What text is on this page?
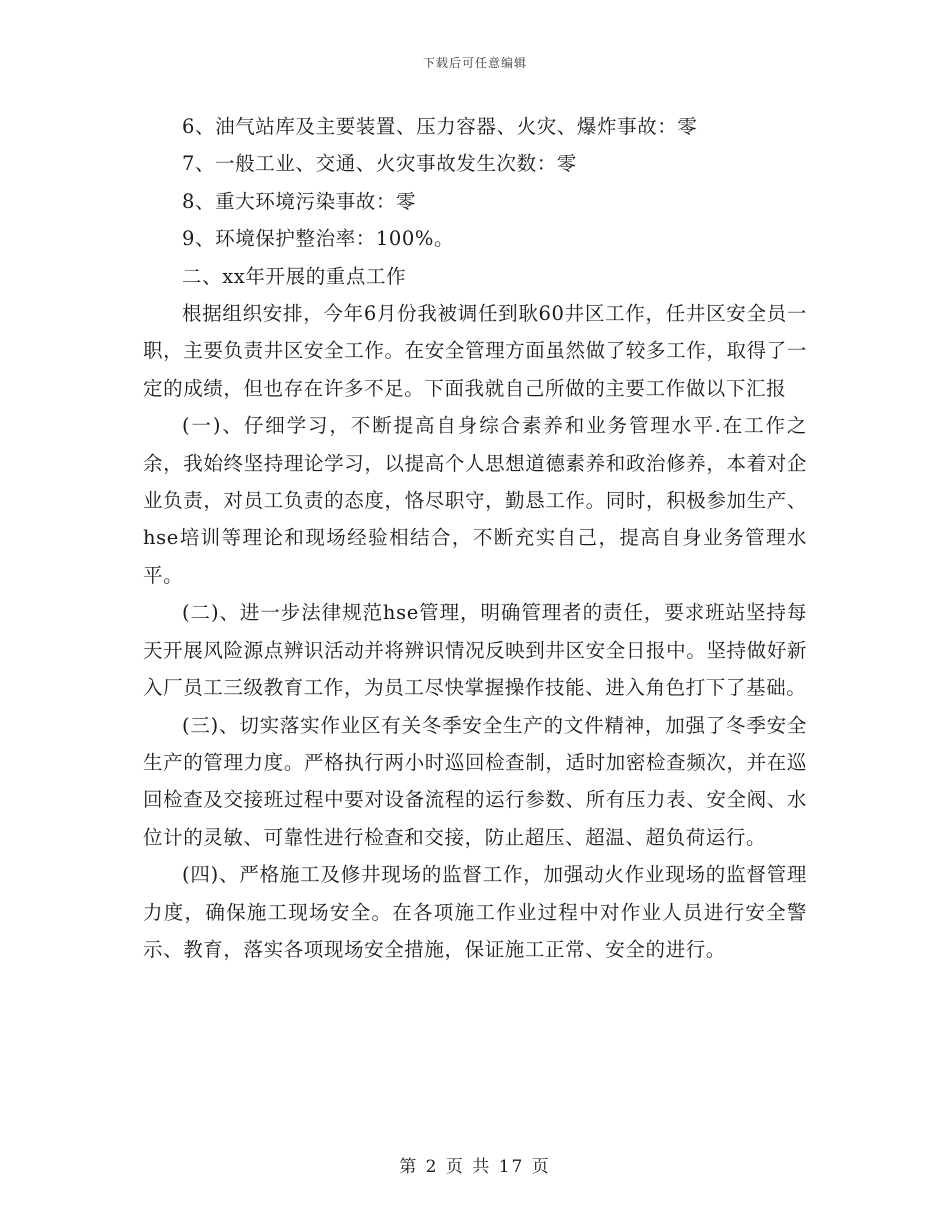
下载后可任意编辑

6、油气站库及主要装置、压力容器、火灾、爆炸事故：零

7、一般工业、交通、火灾事故发生次数：零

8、重大环境污染事故：零

9、环境保护整治率：100%。

二、xx年开展的重点工作

根据组织安排，今年6月份我被调任到耿60井区工作，任井区安全员一职，主要负责井区安全工作。在安全管理方面虽然做了较多工作，取得了一定的成绩，但也存在许多不足。下面我就自己所做的主要工作做以下汇报

(一)、仔细学习，不断提高自身综合素养和业务管理水平.在工作之余，我始终坚持理论学习，以提高个人思想道德素养和政治修养，本着对企业负责，对员工负责的态度，恪尽职守，勤恳工作。同时，积极参加生产、hse培训等理论和现场经验相结合，不断充实自己，提高自身业务管理水平。

(二)、进一步法律规范hse管理，明确管理者的责任，要求班站坚持每天开展风险源点辨识活动并将辨识情况反映到井区安全日报中。坚持做好新入厂员工三级教育工作，为员工尽快掌握操作技能、进入角色打下了基础。

(三)、切实落实作业区有关冬季安全生产的文件精神，加强了冬季安全生产的管理力度。严格执行两小时巡回检查制，适时加密检查频次，并在巡回检查及交接班过程中要对设备流程的运行参数、所有压力表、安全阀、水位计的灵敏、可靠性进行检查和交接，防止超压、超温、超负荷运行。

(四)、严格施工及修井现场的监督工作，加强动火作业现场的监督管理力度，确保施工现场安全。在各项施工作业过程中对作业人员进行安全警示、教育，落实各项现场安全措施，保证施工正常、安全的进行。

第 2 页 共 17 页
